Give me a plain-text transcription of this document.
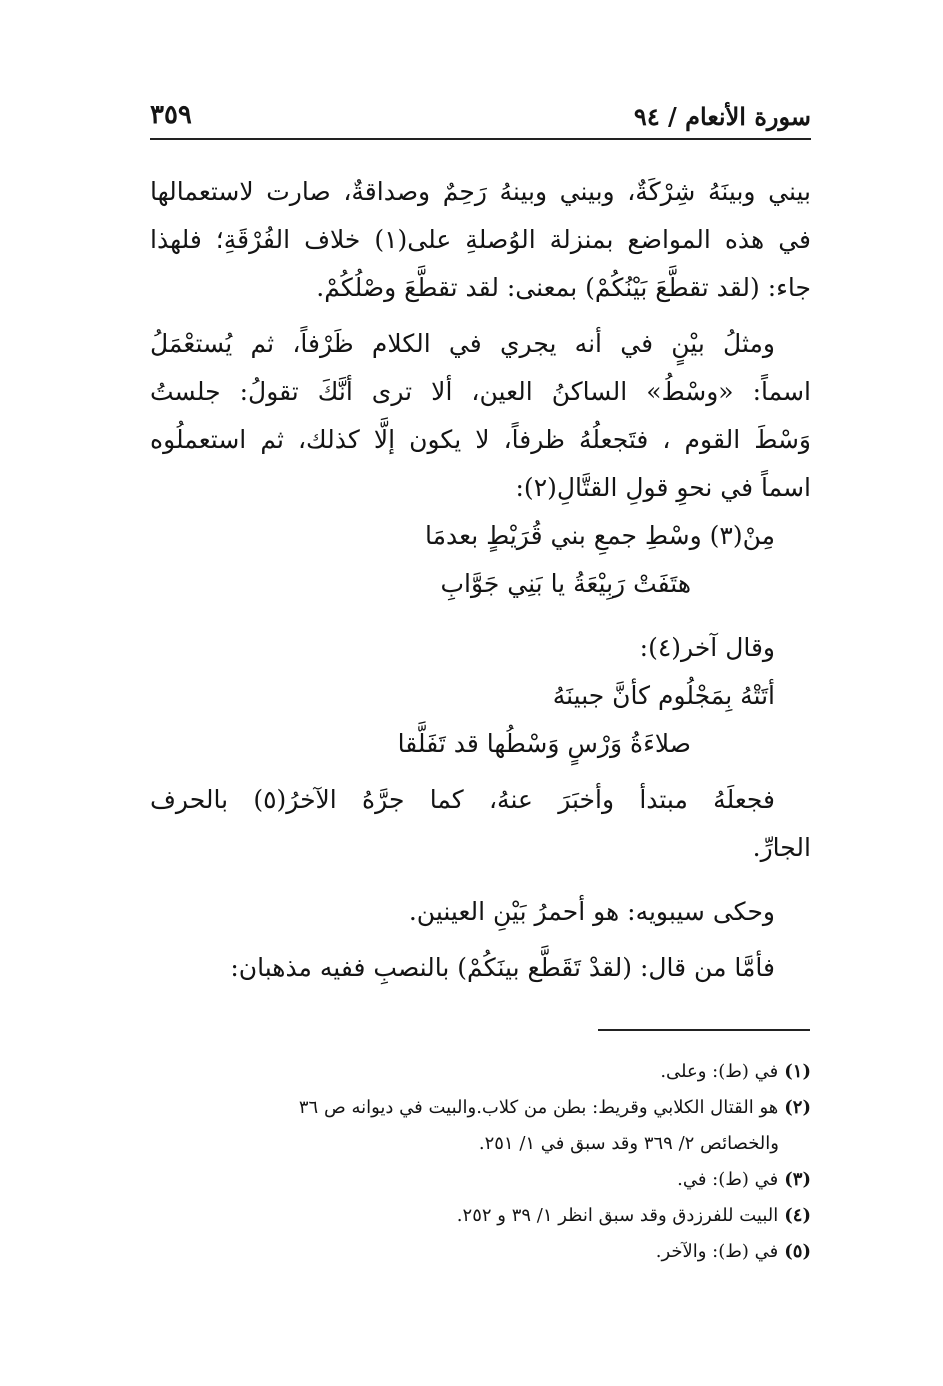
سورة الأنعام / ٩٤
٣٥٩
بيني وبينَهُ شِرْكَةٌ، وبيني وبينهُ رَحِمٌ وصداقةٌ، صارت لاستعمالها
في هذه المواضع بمنزلة الوُصلةِ على(١) خلاف الفُرْقَةِ؛ فلهذا
جاء: (لقد تقطَّعَ بَيْنُكُمْ) بمعنى: لقد تقطَّعَ وصْلُكُمْ.
ومثلُ بيْنٍ في أنه يجري في الكلام ظَرْفاً، ثم يُستعْمَلُ
اسماً: «وسْطُ» الساكنُ العين، ألا ترى أنَّكَ تقولُ: جلستُ
وَسْطَ القوم ، فتَجعلُهُ ظرفاً، لا يكون إلَّا كذلك، ثم استعملُوه
اسماً في نحوِ قولِ القتَّالِ(٢):
مِنْ(٣) وسْطِ جمعِ بني قُرَيْطٍ بعدمَا
هتَفَتْ رَبِيْعَةُ يا بَنِي جَوَّابِ
وقال آخر(٤):
أتَتْهُ بِمَجْلُوم كأنَّ جبينَهُ
صلاءَةُ وَرْسٍ وَسْطُها قد تَفَلَّقا
فجعلَهُ مبتدأ وأخبَرَ عنهُ، كما جرَّهُ الآخرُ(٥) بالحرف
الجارِّ.
وحكى سيبويه: هو أحمرُ بَيْنِ العينين.
فأمَّا من قال: (لقدْ تَقَطَّع بينَكُمْ) بالنصبِ ففيه مذهبان:
(١)في (ط): وعلى.
(٢)هو القتال الكلابي وقريط: بطن من كلاب.والبيت في ديوانه ص ٣٦
والخصائص ٢/ ٣٦٩ وقد سبق في ١/ ٢٥١.
(٣)في (ط): في.
(٤)البيت للفرزدق وقد سبق انظر ١/ ٣٩ و ٢٥٢.
(٥)في (ط): والآخر.
